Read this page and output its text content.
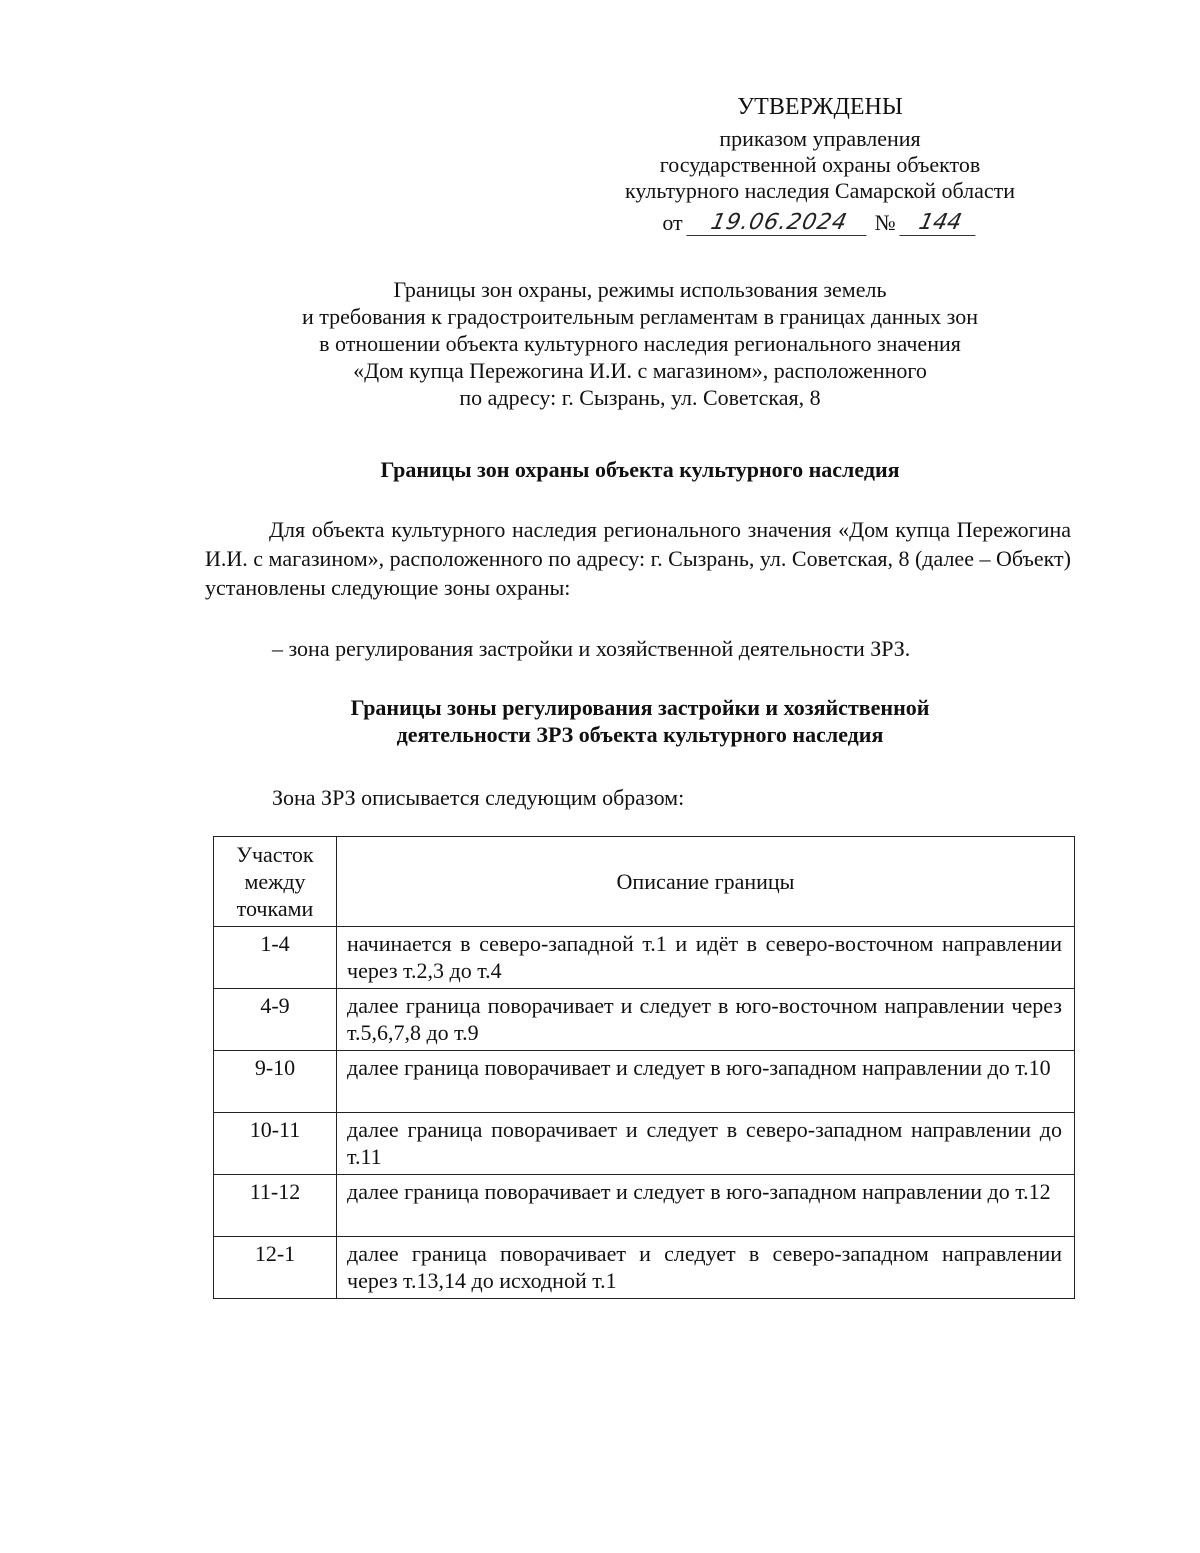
УТВЕРЖДЕНЫ
приказом управления
государственной охраны объектов
культурного наследия Самарской области
от	19.06.2024	№ 144
Границы зон охраны, режимы использования земель
и требования к градостроительным регламентам в границах данных зон
в отношении объекта культурного наследия регионального значения
«Дом купца Пережогина И.И. с магазином», расположенного
по адресу: г. Сызрань, ул. Советская, 8
Границы зон охраны объекта культурного наследия
Для объекта культурного наследия регионального значения «Дом купца Пережогина И.И. с магазином», расположенного по адресу: г. Сызрань, ул. Советская, 8 (далее – Объект) установлены следующие зоны охраны:
– зона регулирования застройки и хозяйственной деятельности ЗРЗ.
Границы зоны регулирования застройки и хозяйственной
деятельности ЗРЗ объекта культурного наследия
Зона ЗРЗ описывается следующим образом:
Участок
между
точками	Описание границы
1-4	начинается в северо-западной т.1 и идёт в северо-восточном направлении через т.2,3 до т.4
4-9	далее граница поворачивает и следует в юго-восточном направлении через т.5,6,7,8 до т.9
9-10	далее граница поворачивает и следует в юго-западном направлении до т.10
10-11	далее граница поворачивает и следует в северо-западном направлении до т.11
11-12	далее граница поворачивает и следует в юго-западном направлении до т.12
12-1	далее граница поворачивает и следует в северо-западном направлении через т.13,14 до исходной т.1
